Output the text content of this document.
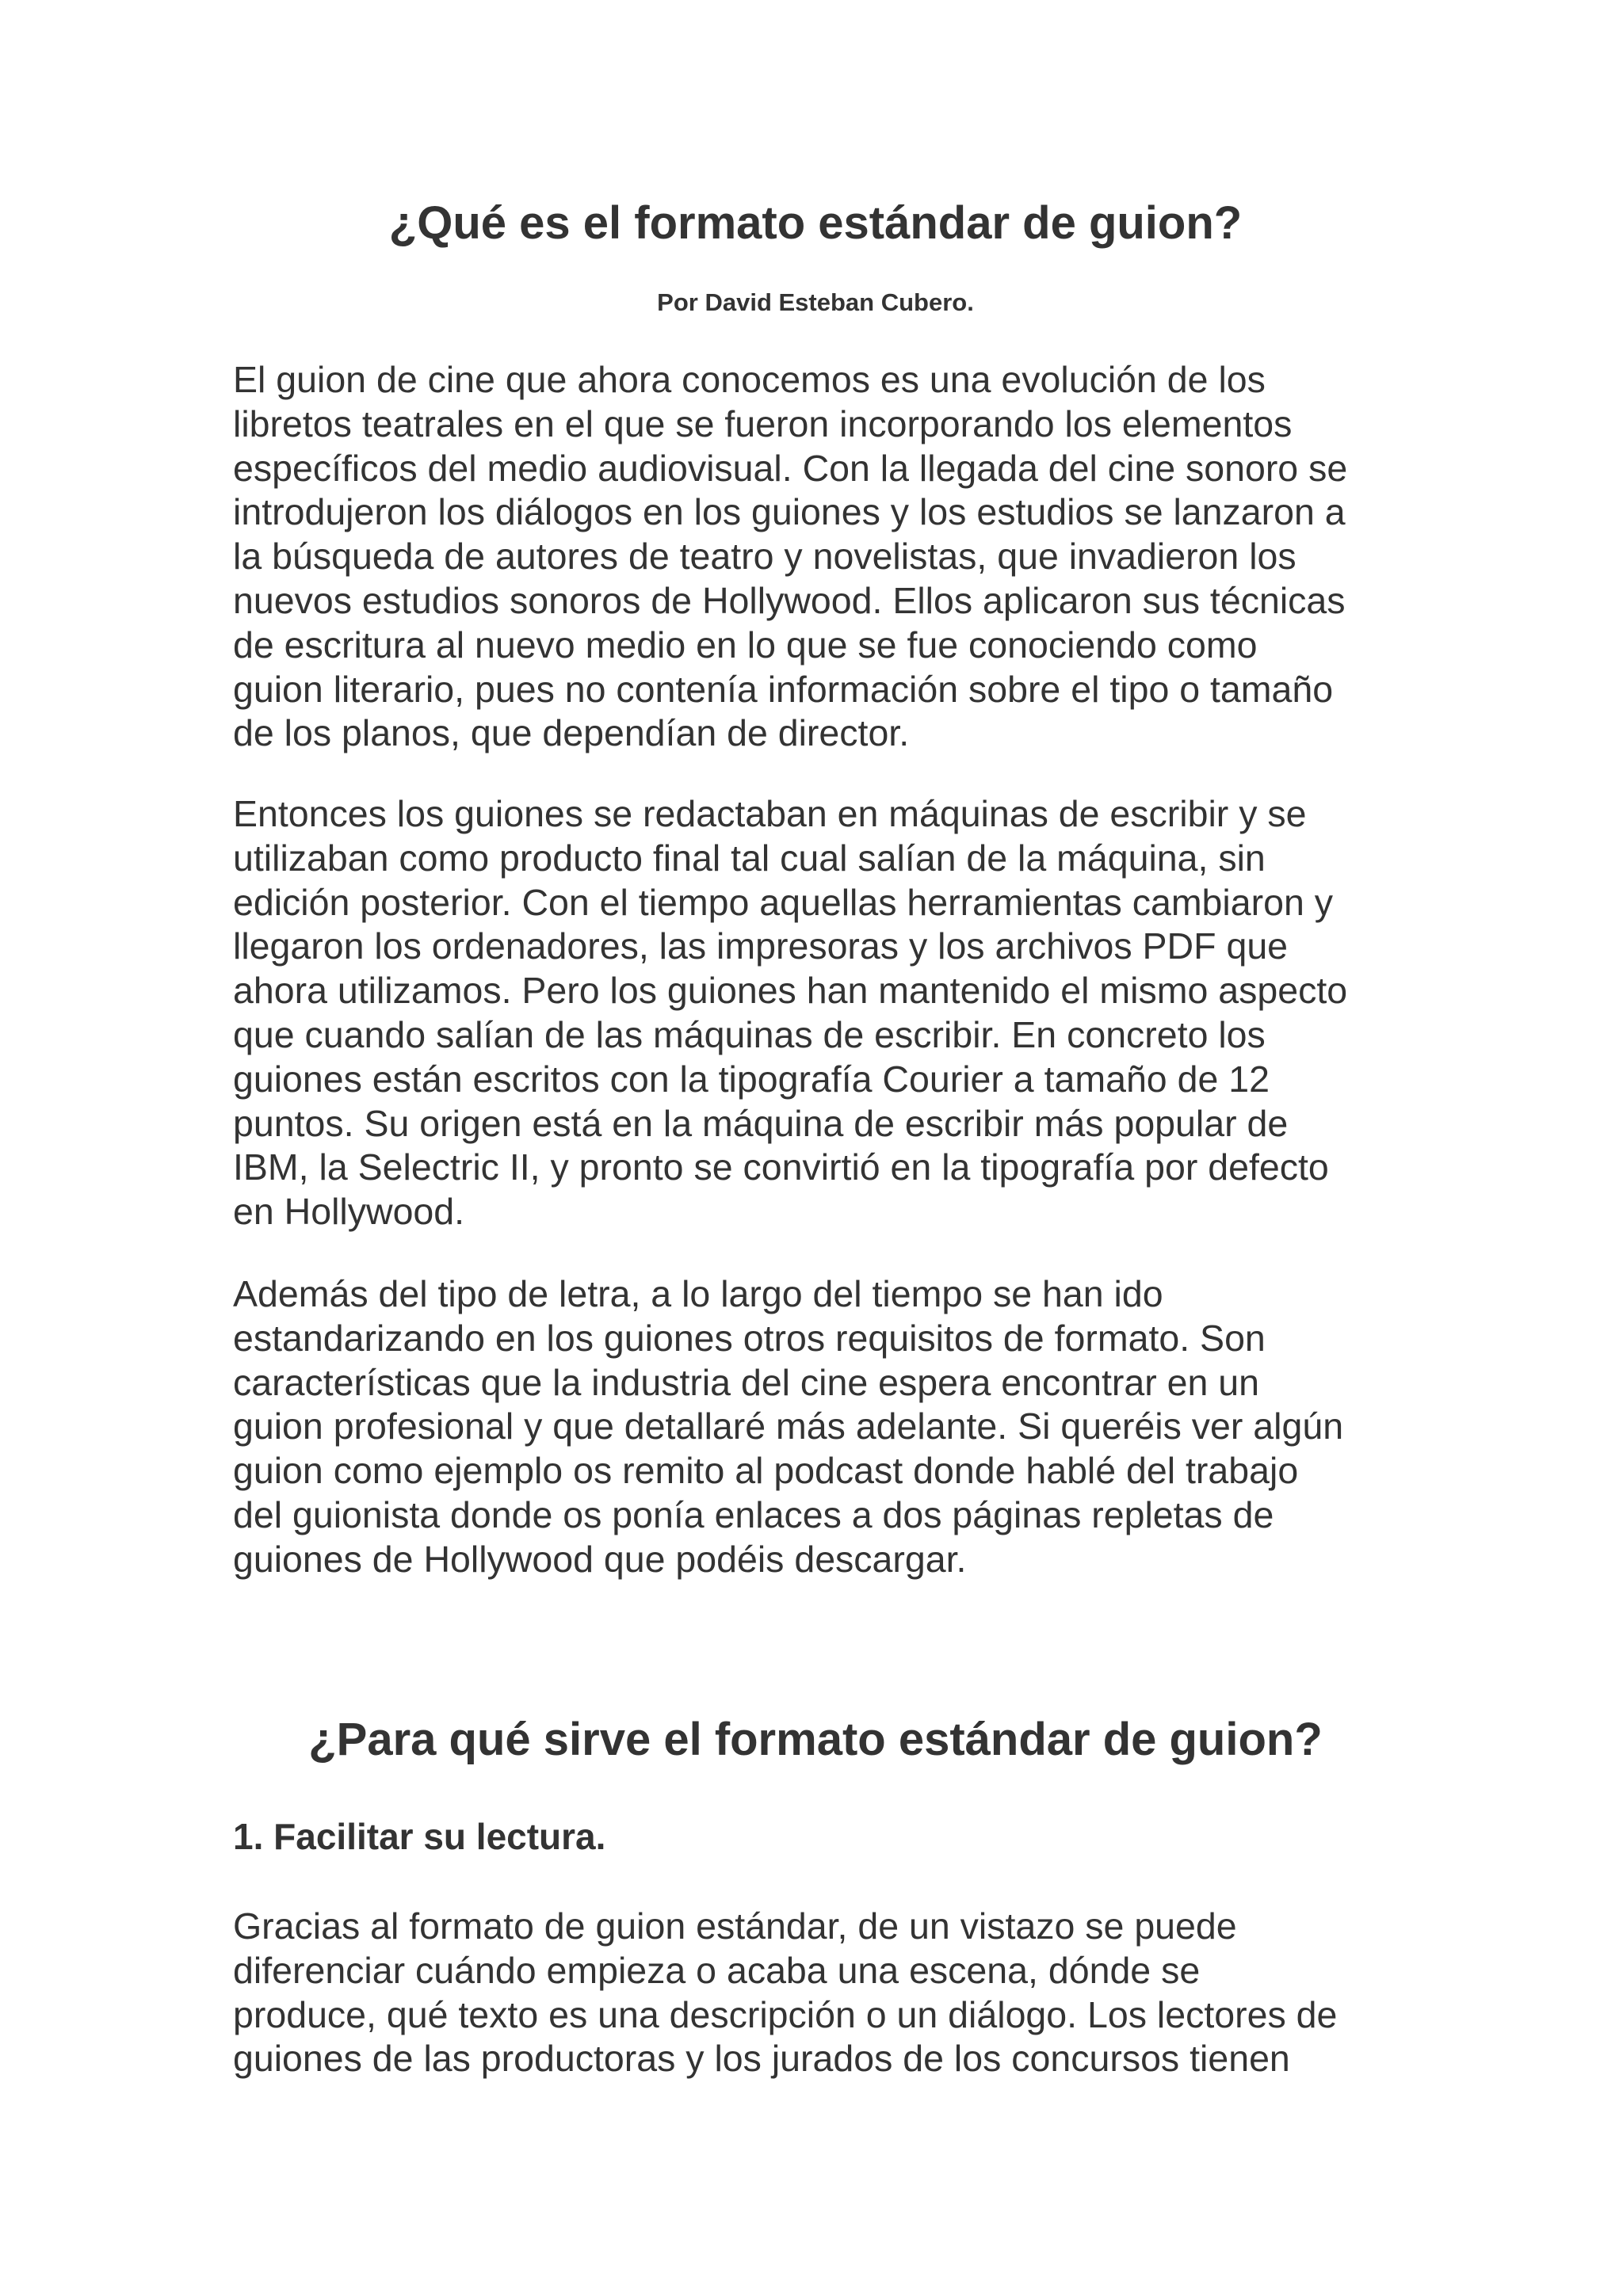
¿Qué es el formato estándar de guion?

Por David Esteban Cubero.

El guion de cine que ahora conocemos es una evolución de los
libretos teatrales en el que se fueron incorporando los elementos
específicos del medio audiovisual. Con la llegada del cine sonoro se
introdujeron los diálogos en los guiones y los estudios se lanzaron a
la búsqueda de autores de teatro y novelistas, que invadieron los
nuevos estudios sonoros de Hollywood. Ellos aplicaron sus técnicas
de escritura al nuevo medio en lo que se fue conociendo como
guion literario, pues no contenía información sobre el tipo o tamaño
de los planos, que dependían de director.

Entonces los guiones se redactaban en máquinas de escribir y se
utilizaban como producto final tal cual salían de la máquina, sin
edición posterior. Con el tiempo aquellas herramientas cambiaron y
llegaron los ordenadores, las impresoras y los archivos PDF que
ahora utilizamos. Pero los guiones han mantenido el mismo aspecto
que cuando salían de las máquinas de escribir. En concreto los
guiones están escritos con la tipografía Courier a tamaño de 12
puntos. Su origen está en la máquina de escribir más popular de
IBM, la Selectric II, y pronto se convirtió en la tipografía por defecto
en Hollywood.

Además del tipo de letra, a lo largo del tiempo se han ido
estandarizando en los guiones otros requisitos de formato. Son
características que la industria del cine espera encontrar en un
guion profesional y que detallaré más adelante. Si queréis ver algún
guion como ejemplo os remito al podcast donde hablé del trabajo
del guionista donde os ponía enlaces a dos páginas repletas de
guiones de Hollywood que podéis descargar.

¿Para qué sirve el formato estándar de guion?
1. Facilitar su lectura.

Gracias al formato de guion estándar, de un vistazo se puede
diferenciar cuándo empieza o acaba una escena, dónde se
produce, qué texto es una descripción o un diálogo. Los lectores de
guiones de las productoras y los jurados de los concursos tienen
